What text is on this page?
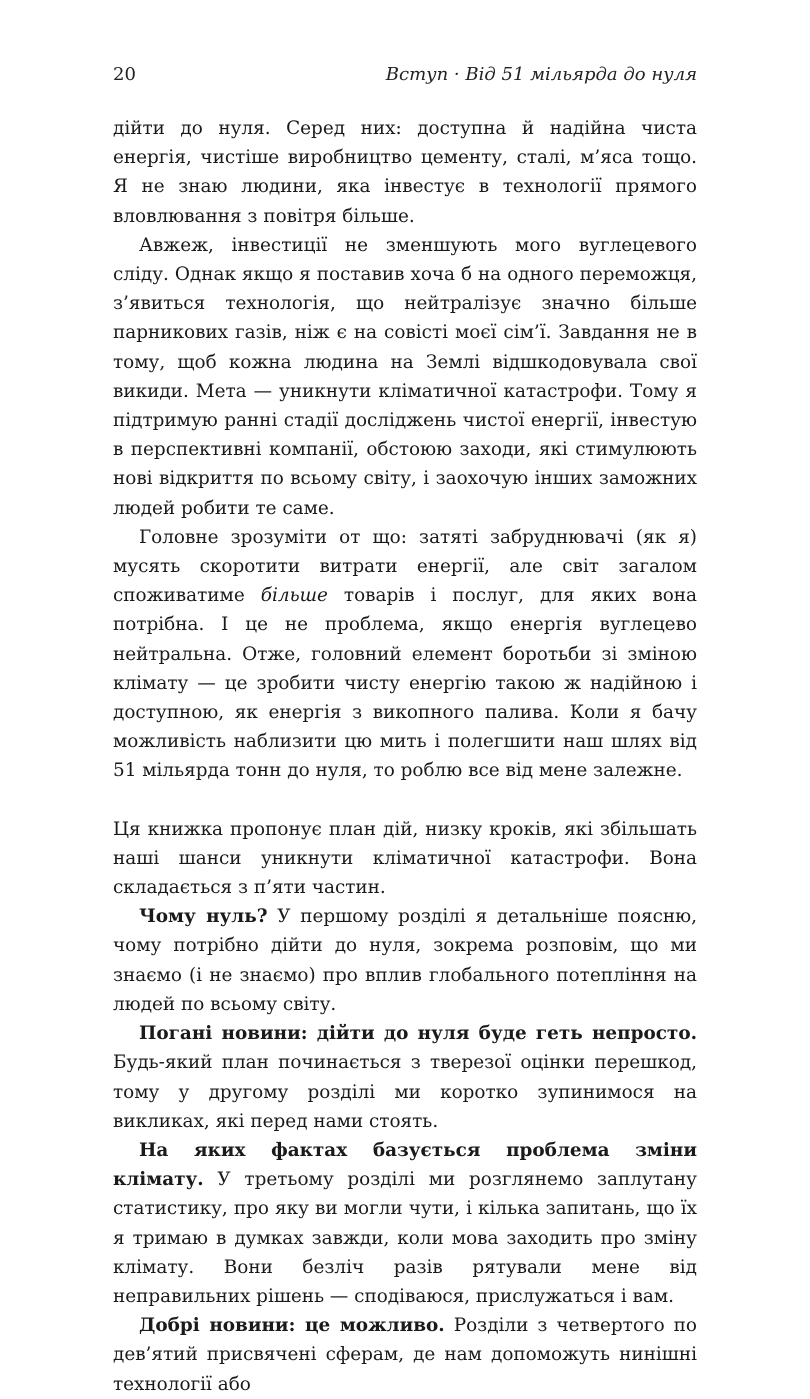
20	Вступ · Від 51 мільярда до нуля

дійти до нуля. Серед них: доступна й надійна чиста енергія, чистіше виробництво цементу, сталі, м’яса тощо. Я не знаю людини, яка інвестує в технології прямого вловлювання з повітря більше.

Авжеж, інвестиції не зменшують мого вуглецевого сліду. Однак якщо я поставив хоча б на одного переможця, з’явиться технологія, що нейтралізує значно більше парникових газів, ніж є на совісті моєї сім’ї. Завдання не в тому, щоб кожна людина на Землі відшкодовувала свої викиди. Мета — уникнути кліматичної катастрофи. Тому я підтримую ранні стадії досліджень чистої енергії, інвестую в перспективні компанії, обстоюю заходи, які стимулюють нові відкриття по всьому світу, і заохочую інших заможних людей робити те саме.

Головне зрозуміти от що: затяті забруднювачі (як я) мусять скоротити витрати енергії, але світ загалом споживатиме більше товарів і послуг, для яких вона потрібна. І це не проблема, якщо енергія вуглецево нейтральна. Отже, головний елемент боротьби зі зміною клімату — це зробити чисту енергію такою ж надійною і доступною, як енергія з викопного палива. Коли я бачу можливість наблизити цю мить і полегшити наш шлях від 51 мільярда тонн до нуля, то роблю все від мене залежне.

Ця книжка пропонує план дій, низку кроків, які збільшать наші шанси уникнути кліматичної катастрофи. Вона складається з п’яти частин.

Чому нуль? У першому розділі я детальніше поясню, чому потрібно дійти до нуля, зокрема розповім, що ми знаємо (і не знаємо) про вплив глобального потепління на людей по всьому світу.

Погані новини: дійти до нуля буде геть непросто. Будь-який план починається з тверезої оцінки перешкод, тому у другому розділі ми коротко зупинимося на викликах, які перед нами стоять.

На яких фактах базується проблема зміни клімату. У третьому розділі ми розглянемо заплутану статистику, про яку ви могли чути, і кілька запитань, що їх я тримаю в думках завжди, коли мова заходить про зміну клімату. Вони безліч разів рятували мене від неправильних рішень — сподіваюся, прислужаться і вам.

Добрі новини: це можливо. Розділи з четвертого по дев’ятий присвячені сферам, де нам допоможуть нинішні технології або
